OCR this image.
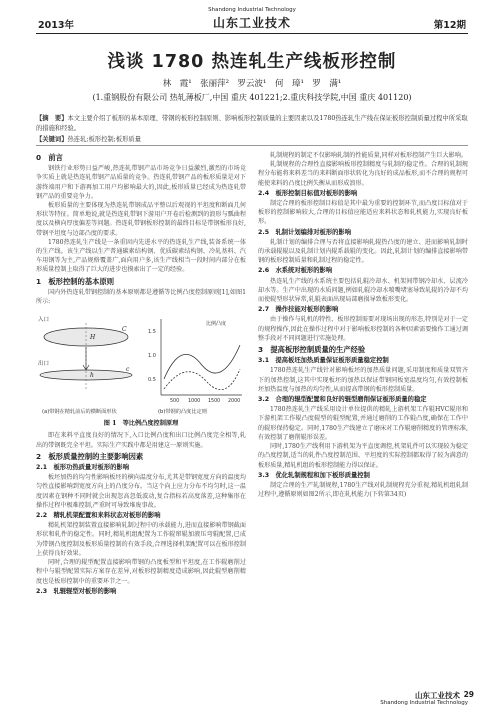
2013年
Shandong Industrial Technology
山东工业技术	第12期
浅谈 1780 热连轧生产线板形控制
林　霞¹　张丽萍²　罗云波¹　何　璋¹　罗　满¹
(1.重钢股份有限公司 热轧薄板厂,中国 重庆 401221;2.重庆科技学院,中国 重庆 401120)
【摘　要】本文主要介绍了板形的基本原理、带钢的板形控制原则、影响板形控制质量的主要因素以及1780热连轧生产线在保证板形控制质量过程中所采取的措施和经验。
【关键词】热连轧;板形控制;板形质量
0　前言

钢铁行业形势日益严峻,热连轧带钢产品市场竞争日益激烈,激烈的市场竞争实质上就是热连轧带钢产品质量的竞争。热连轧带钢产品的板形质量是对下游终端用户和下游再加工用户均影响最大的,因此,板形质量已经成为热连轧带钢产品的重要竞争力。

板形质量的主要体现为热连轧带钢成品平整以后观视的平坦度和断面几何形状等特征。简单地说,就是热连轧带钢下游用户开卷后检测到的浪形与瓢曲程度以及横向厚度偏差等问题。热连轧带钢板形控制的最终目标是带钢板形良好,带钢平坦度与边部凸度的要求。

1780热连轧生产线是一条重固内先进水平的热连轧生产线,装备系统一体的生产线。该生产线以生产普通碳素结构钢、优质碳素结构钢、冷轧基料、汽车用钢等为主,产品规格覆盖广,面向用户多,该生产线相当一段时间内部分在板形质量控制上取得了巨大的进步也摸索出了一定的经验。

1　板形控制的基本原则

国内外热连轧带钢控制的基本原则都是遵循等比例凸度控制原则[1],如图1所示:

入口
出口
H
h
C
c
1.5
1.0
0.5
500 1000 1500 2000
比例凸度
(a)带钢在精轧前后的横断面形状	(b)带钢的凸度比定则
图 1　等比例凸度控制原理

即在来料平直度良好的情况下,入口比例凸度和出口比例凸度完全相等,轧出的带钢既完全平坦。实际生产实践中都是用建这一原则实施。

2　板形质量控制的主要影响因素
2.1　板形功热质量对板形的影响

板坯加热的均匀性影响板坯的横向温度分布,尤其是带钢宽度方向的温度均匀性直接影响到宽度方向上的凸度分布。当这个向上应力分布不均匀时,这一温度因素在钢种不同时就会出现忽高忽低波动,复合指标若高度落差,这种集形在操作过程中极难控制,严重时可导致堆废事故。

2.2　精轧机架配置和来料状态对板形的影响

精轧机架控制装置直接影响轧制过程中的承载能力,进而直接影响带钢截面形状和轧件的稳定性。同时,精轧机组配置为工作辊窜辊加液压弯辊配置,已成为带钢凸度控制及板形质量控制的有效手段,合理选择机架配置可以在板形控制上获得良好效果。

同时,合理的辊型配置直接影响带钢的凸度板型和平坦度,在工作辊磨削过程中与辊型配置实际方案存在差异,对板形控制精度造成影响,因此辊型磨削精度也是板形控制中的重要环节之一。

2.3　轧辊辊型对板形的影响

轧制规程的制定不仅影响轧制的性能质量,同样对板形控制产生巨大影响。

轧制规程的合理性直接影响板形控制精度与轧制的稳定性。合理的轧制规程分布能将来料差当的来料断面形状转化为良好的成品板形,而不合理的规程可能使来料的凸度比例失衡从而形成浪形。

2.4　板形控制目标值对板形的影响

制定合理的板形控制目标值是其中最为重要的控制环节,而凸度目标值对于板形的控制影响较大,合理的目标值应能适应来料状态和轧机能力,实现良好板形。

2.5　轧制计划编排对板形的影响

轧制计划的编排合理与否将直接影响轧辊热凸度的建立、进而影响轧制时的承载辊辊以及轧制计划内辊系载辊的变化。因此,轧制计划的编排直接影响带钢的板形控制质量和轧制过程的稳定性。

2.6　水系统对板形的影响

热连轧生产线的水系统主要包括轧辊冷却水、机架间带钢冷却水、层流冷却水等。生产中出现的水质问题,例如轧辊冷却水喷嘴堵塞导致轧辊的冷却不均而使辊型形状异常,轧辊表面出现局部磨损导致板形变化。

2.7　操作技能对板形的影响

由于操作与轧机的特性、板形控制需要对现场出现的形态,特别是对于一定的规程操作,因此在操作过程中对于影响板形控制的各种因素需要操作工通过调整手段对不同问题进行实施处理。

3　提高板形控制质量的生产经验
3.1　提高板坯加热质量保证板形质量稳定控制

1780热连轧生产线针对影响板坯的加热质量问题,采用制度和质量双管齐下的加热控制,这其中实现板坯的加热以保证带钢同板宽温度均匀,有效控制板坯加热温度与加热的均匀性,从而提高带钢的板形控制质量。

3.2　合理的辊型配置和良好的辊型磨削保证板形质量的稳定

1780热连轧生产线采用设计单位提供的精轧上游机架工作辊HVC辊形和下游机架工作辊凸度辊型的辊型配置,并通过磨削的工作辊凸度,确保在工作中的辊形保持稳定。同时,1780生产线建立了磨床对工作辊磨削精度的管理标准,有效控制了磨削辊形误差。

同时,1780生产线利用下游机架为平直度调控,机架轧件可以实现较为稳定的凸度控制,适当的轧件凸度控制范围、平坦度的实际控制都取得了较为满意的板形质量,精轧机组的板形控制能力得以保证。

3.3　优化轧制规程和加下板形质量控制

制定合理的生产轧制规程,1780生产线对轧制规程充分重视,精轧机组轧制过程中,遵循原则如图2所示,即在轧机能力(下转第34页)

山东工业技术 29
Shandong Industrial Technology
